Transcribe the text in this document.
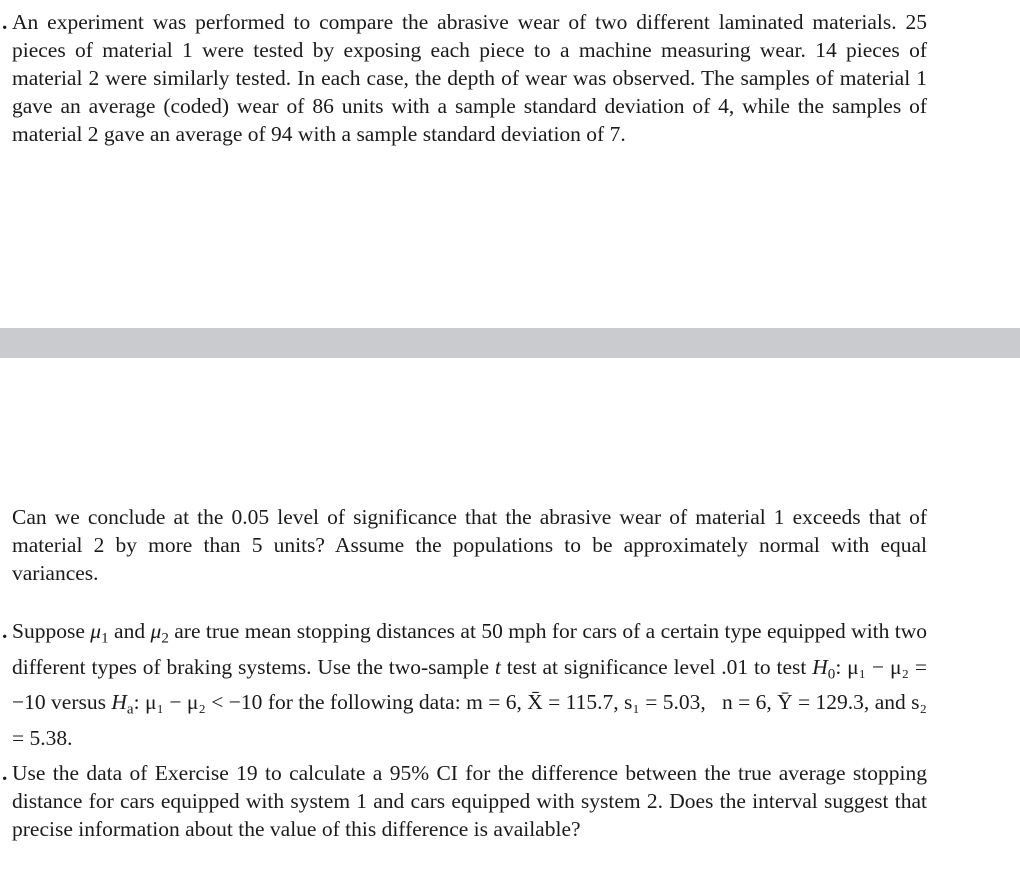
. An experiment was performed to compare the abrasive wear of two different laminated materials. 25 pieces of material 1 were tested by exposing each piece to a machine measuring wear. 14 pieces of material 2 were similarly tested. In each case, the depth of wear was observed. The samples of material 1 gave an average (coded) wear of 86 units with a sample standard deviation of 4, while the samples of material 2 gave an average of 94 with a sample standard deviation of 7.

Can we conclude at the 0.05 level of significance that the abrasive wear of material 1 exceeds that of material 2 by more than 5 units? Assume the populations to be approximately normal with equal variances.

. Suppose $\mu_1$ and $\mu_2$ are true mean stopping distances at 50 mph for cars of a certain type equipped with two different types of braking systems. Use the two-sample t test at significance level .01 to test $H_0$: μ₁ − μ₂ = −10 versus $H_a$: μ₁ − μ₂ < −10 for the following data: m = 6, X̄ = 115.7, s₁ = 5.03, n = 6, Ȳ = 129.3, and s₂ = 5.38.

. Use the data of Exercise 19 to calculate a 95% CI for the difference between the true average stopping distance for cars equipped with system 1 and cars equipped with system 2. Does the interval suggest that precise information about the value of this difference is available?
